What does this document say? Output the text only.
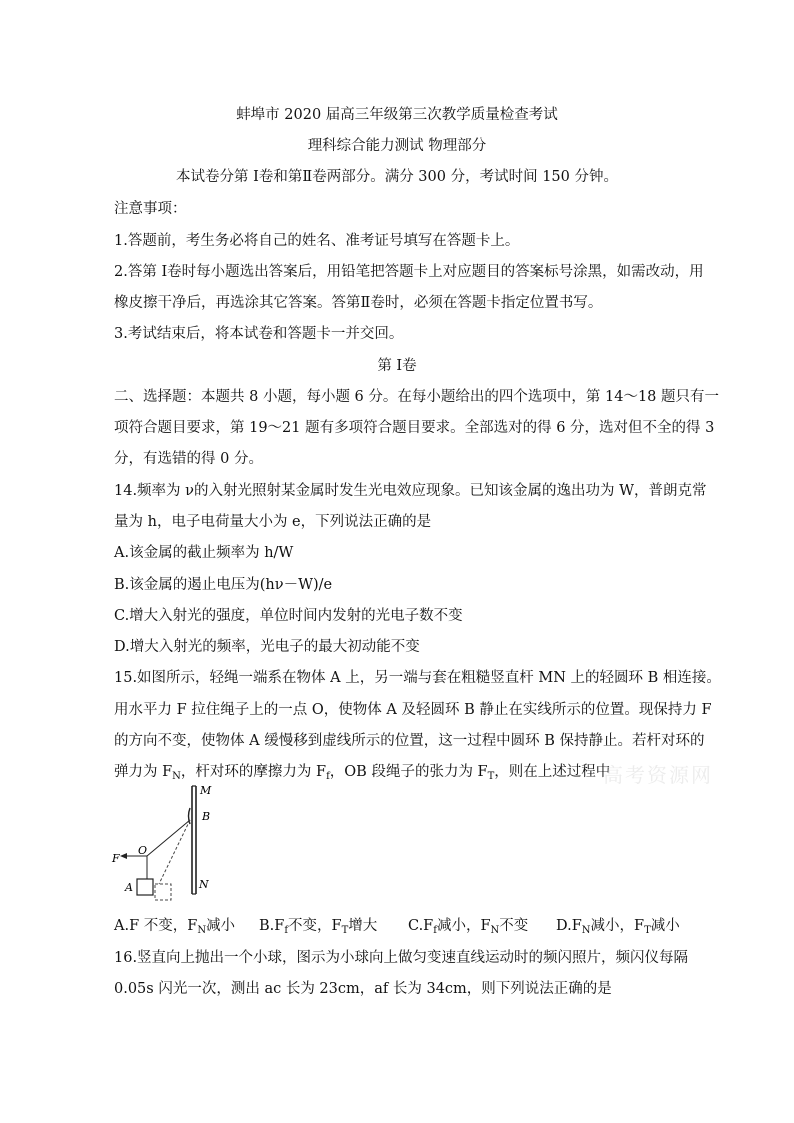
蚌埠市 2020 届高三年级第三次教学质量检查考试
理科综合能力测试 物理部分
本试卷分第 Ⅰ卷和第Ⅱ卷两部分。满分 300 分，考试时间 150 分钟。
注意事项：
1.答题前，考生务必将自己的姓名、准考证号填写在答题卡上。
2.答第 Ⅰ卷时每小题选出答案后，用铅笔把答题卡上对应题目的答案标号涂黑，如需改动，用
橡皮擦干净后，再选涂其它答案。答第Ⅱ卷时，必须在答题卡指定位置书写。
3.考试结束后，将本试卷和答题卡一并交回。
第 Ⅰ卷
二、选择题：本题共 8 小题，每小题 6 分。在每小题给出的四个选项中，第 14～18 题只有一
项符合题目要求，第 19～21 题有多项符合题目要求。全部选对的得 6 分，选对但不全的得 3
分，有选错的得 0 分。
14.频率为 ν的入射光照射某金属时发生光电效应现象。已知该金属的逸出功为 W，普朗克常
量为 h，电子电荷量大小为 e，下列说法正确的是
A.该金属的截止频率为 h/W
B.该金属的遏止电压为(hν－W)/e
C.增大入射光的强度，单位时间内发射的光电子数不变
D.增大入射光的频率，光电子的最大初动能不变
15.如图所示，轻绳一端系在物体 A 上，另一端与套在粗糙竖直杆 MN 上的轻圆环 B 相连接。
用水平力 F 拉住绳子上的一点 O，使物体 A 及轻圆环 B 静止在实线所示的位置。现保持力 F
的方向不变，使物体 A 缓慢移到虚线所示的位置，这一过程中圆环 B 保持静止。若杆对环的
弹力为 $F_N$，杆对环的摩擦力为 $F_f$，OB 段绳子的张力为 $F_T$，则在上述过程中
高考资源网
M
B
F
O
A	N
A.F 不变，$F_N$减小 $B.F_f$不变，$F_T$增大 $C.F_f$减小，$F_N$不变 $D.F_N$减小，$F_T$减小
16.竖直向上抛出一个小球，图示为小球向上做匀变速直线运动时的频闪照片，频闪仪每隔
0.05s 闪光一次，测出 ac 长为 23cm，af 长为 34cm，则下列说法正确的是
